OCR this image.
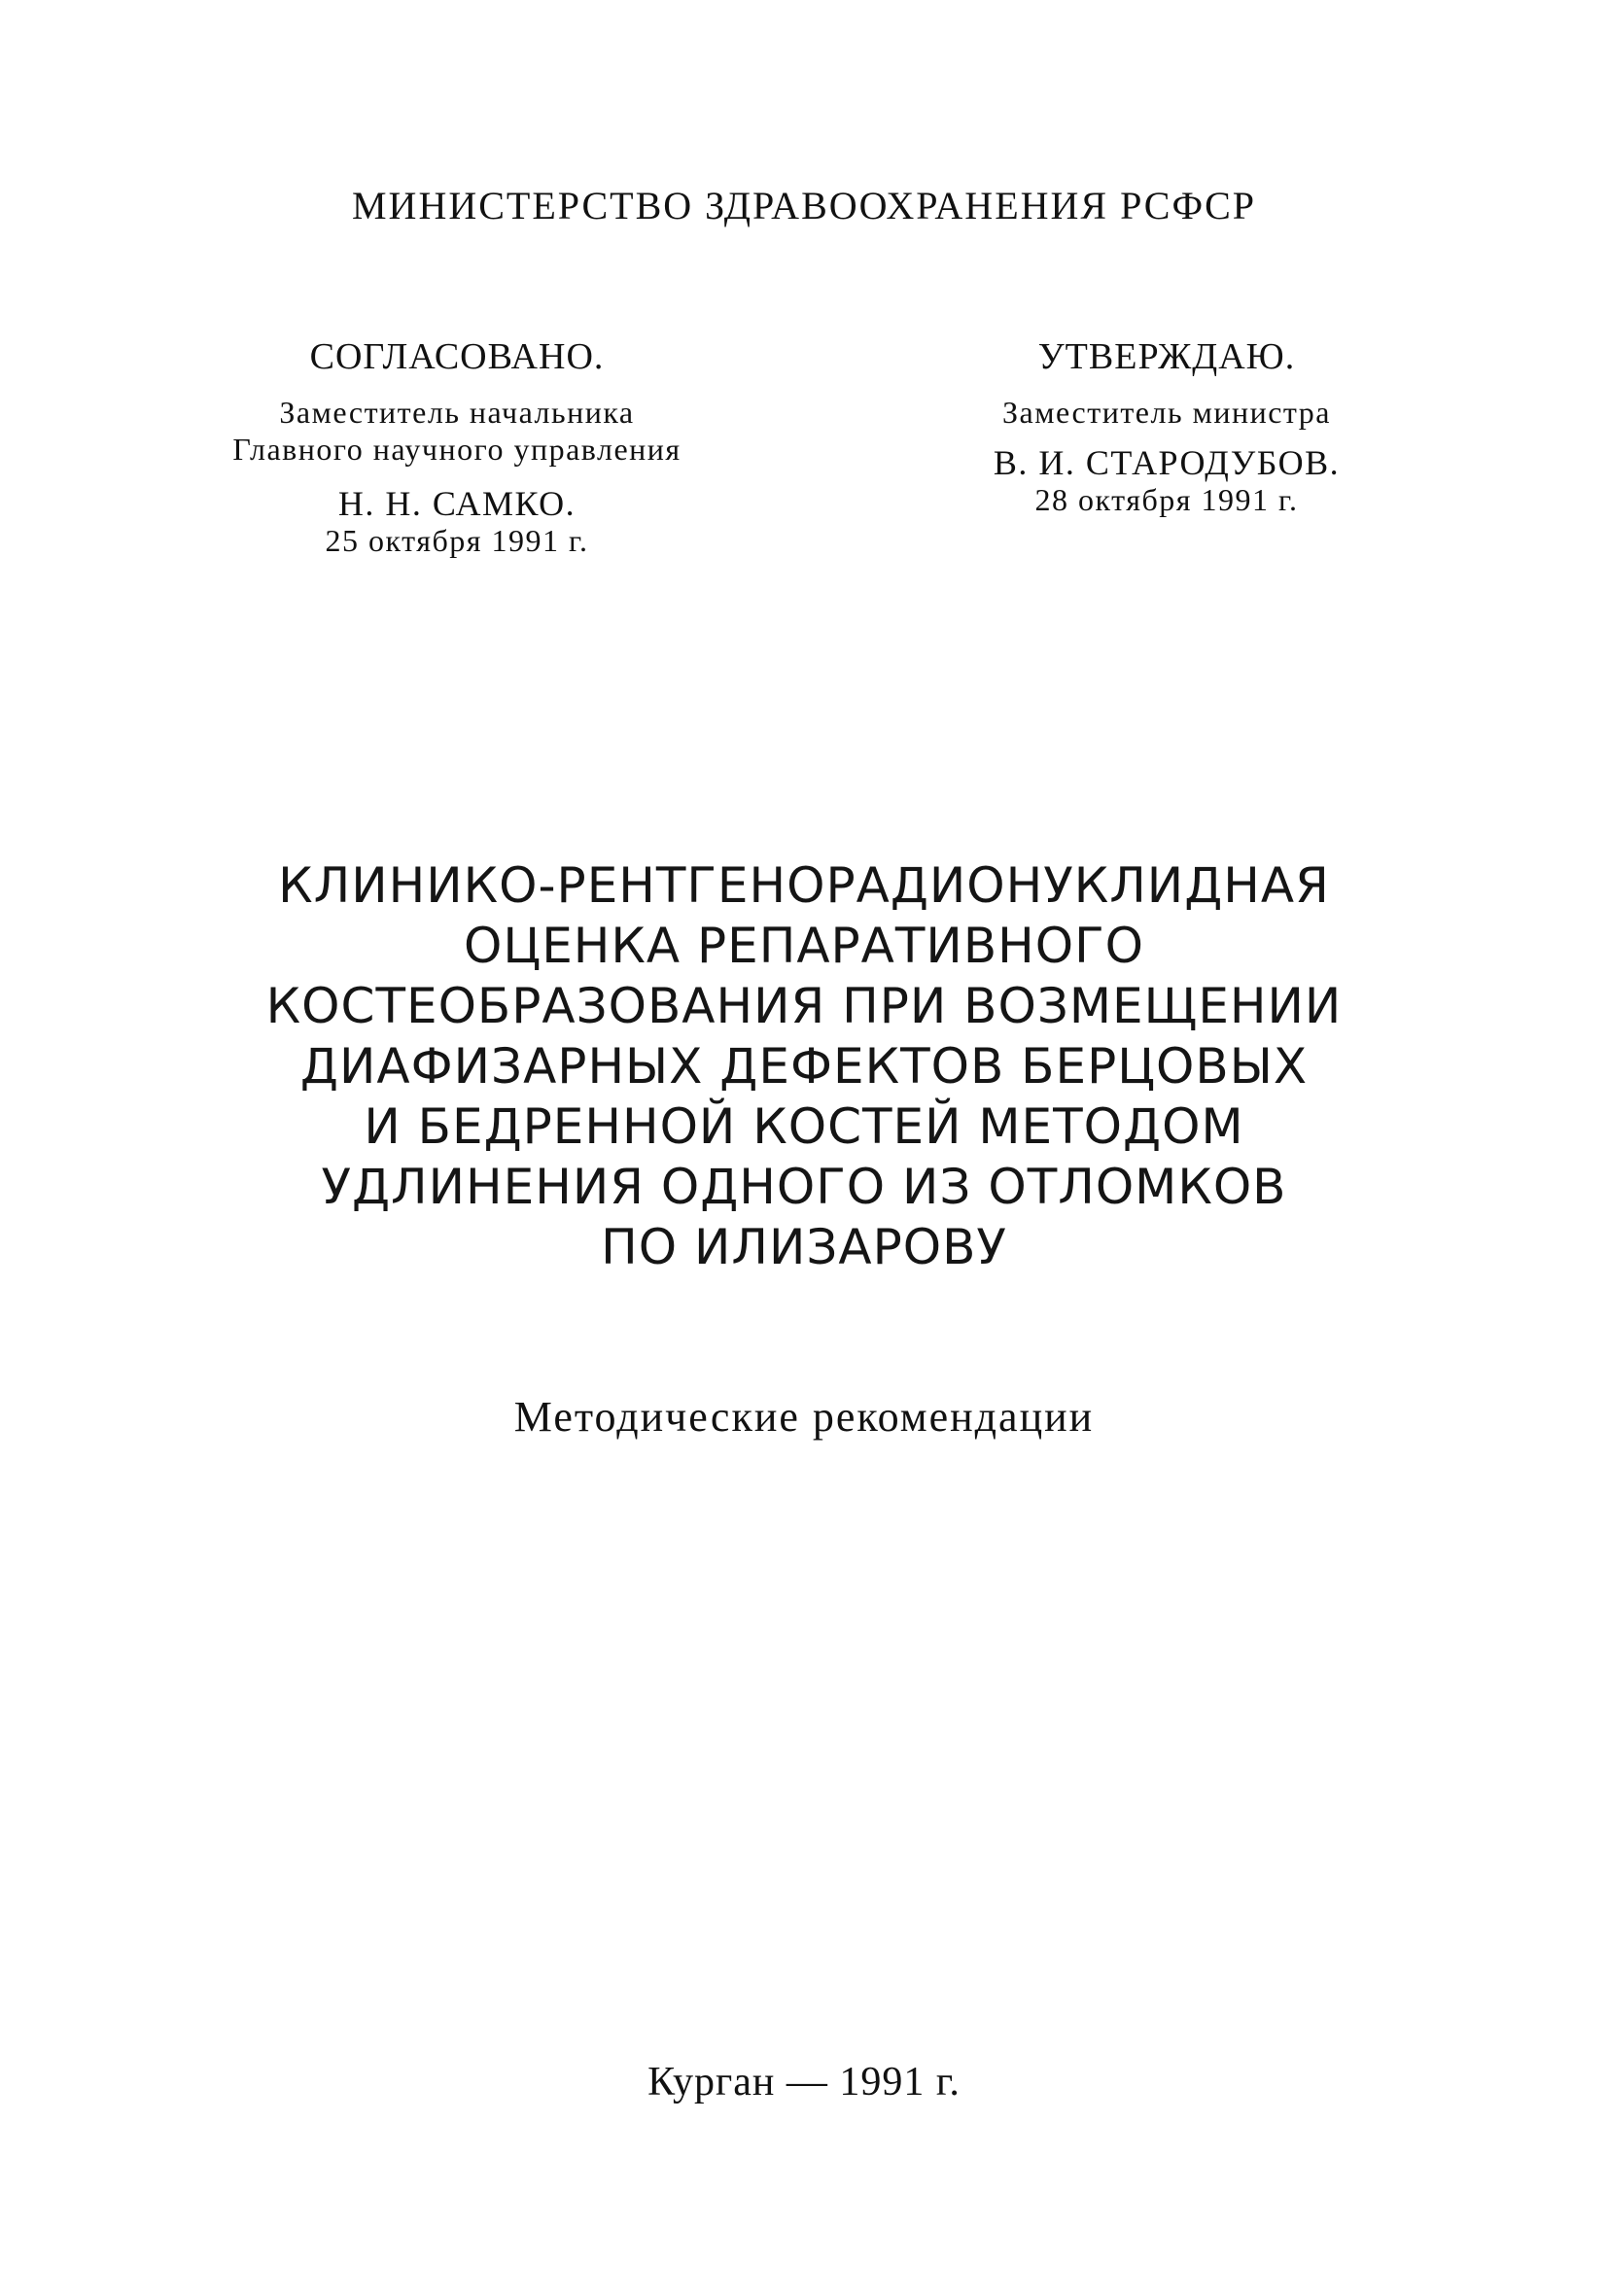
МИНИСТЕРСТВО ЗДРАВООХРАНЕНИЯ РСФСР
СОГЛАСОВАНО.
Заместитель начальника
Главного научного управления
Н. Н. САМКО.
25 октября 1991 г.
УТВЕРЖДАЮ.
Заместитель министра
В. И. СТАРОДУБОВ.
28 октября 1991 г.
КЛИНИКО-РЕНТГЕНОРАДИОНУКЛИДНАЯ
ОЦЕНКА РЕПАРАТИВНОГО
КОСТЕОБРАЗОВАНИЯ ПРИ ВОЗМЕЩЕНИИ
ДИАФИЗАРНЫХ ДЕФЕКТОВ БЕРЦОВЫХ
И БЕДРЕННОЙ КОСТЕЙ МЕТОДОМ
УДЛИНЕНИЯ ОДНОГО ИЗ ОТЛОМКОВ
ПО ИЛИЗАРОВУ
Методические рекомендации
Курган — 1991 г.
